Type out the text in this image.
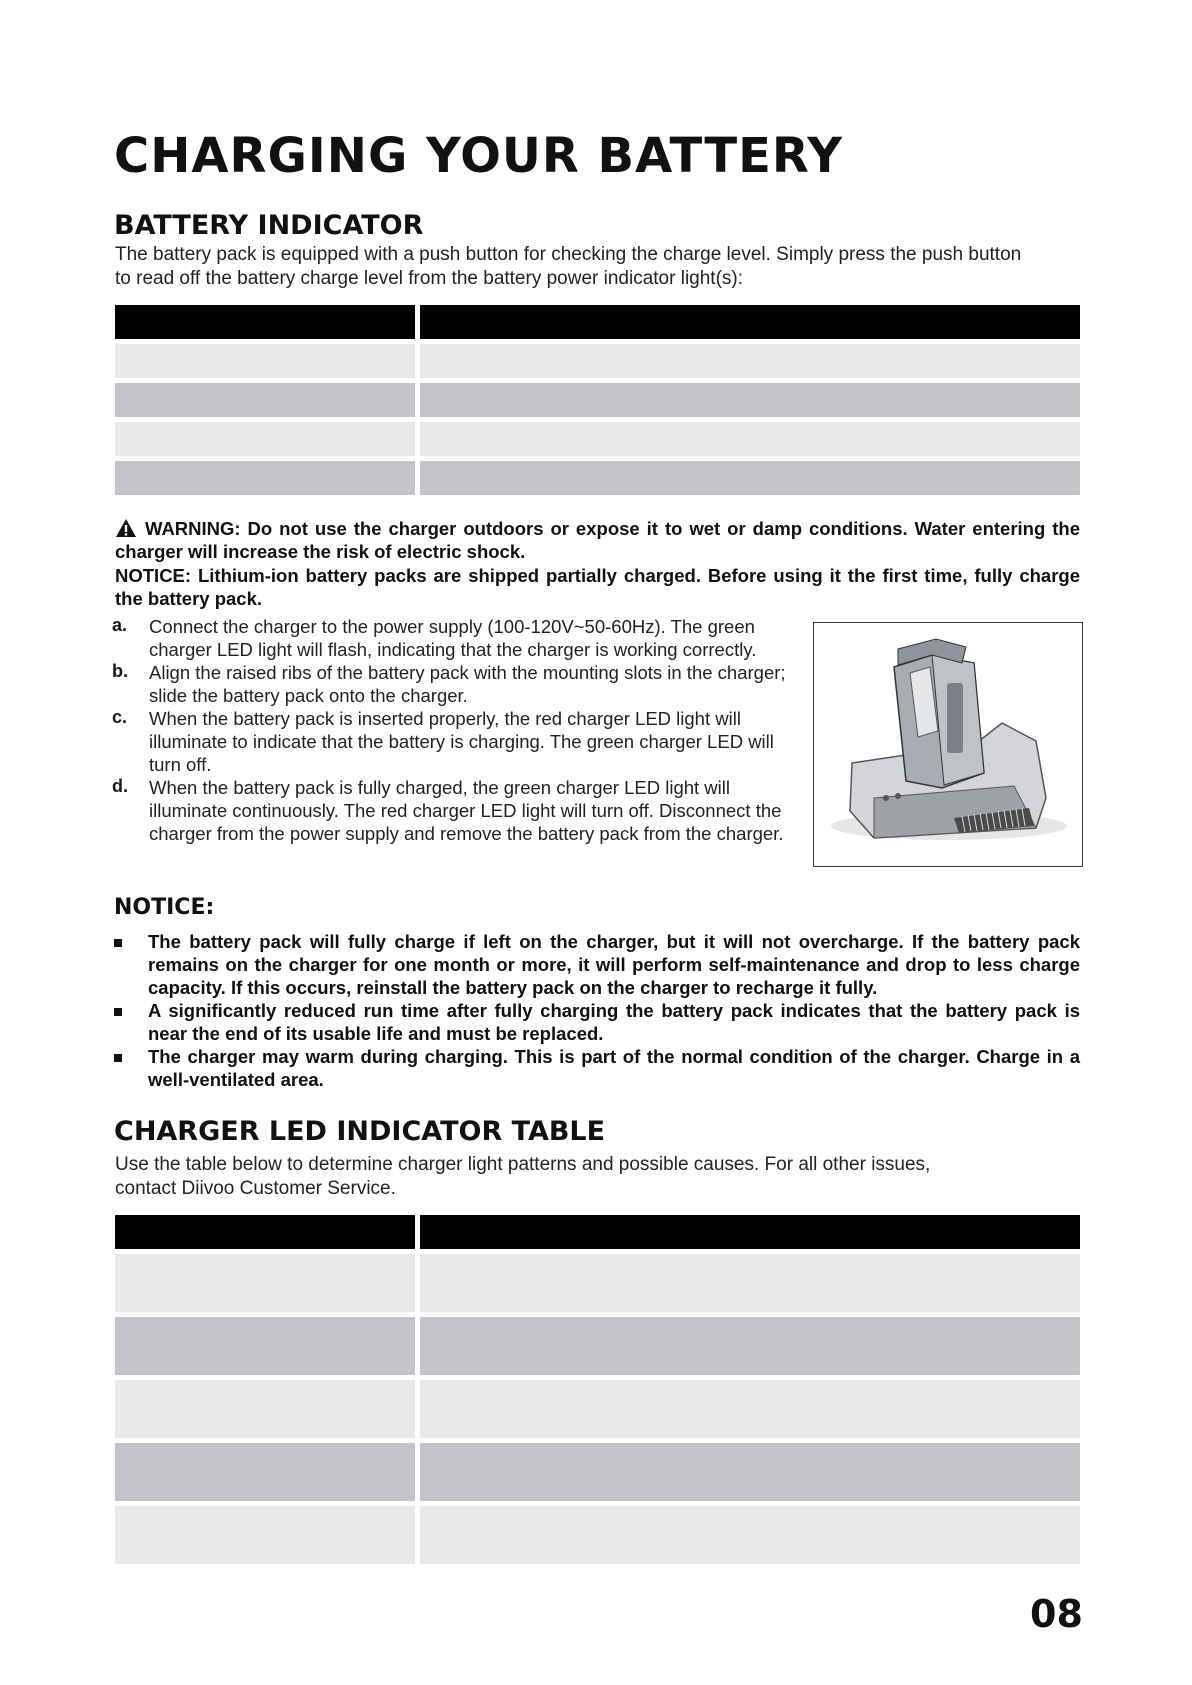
CHARGING YOUR BATTERY
BATTERY INDICATOR

The battery pack is equipped with a push button for checking the charge level. Simply press the push button

to read off the battery charge level from the battery power indicator light(s):

WARNING: Do not use the charger outdoors or expose it to wet or damp conditions. Water entering the charger will increase the risk of electric shock.

NOTICE: Lithium-ion battery packs are shipped partially charged. Before using it the first time, fully charge the battery pack.

a. Connect the charger to the power supply (100-120V~50-60Hz). The green charger LED light will flash, indicating that the charger is working correctly.
b. Align the raised ribs of the battery pack with the mounting slots in the charger; slide the battery pack onto the charger.
c. When the battery pack is inserted properly, the red charger LED light will illuminate to indicate that the battery is charging. The green charger LED will turn off.
d. When the battery pack is fully charged, the green charger LED light will illuminate continuously. The red charger LED light will turn off. Disconnect the charger from the power supply and remove the battery pack from the charger.
NOTICE:
The battery pack will fully charge if left on the charger, but it will not overcharge. If the battery pack remains on the charger for one month or more, it will perform self-maintenance and drop to less charge capacity. If this occurs, reinstall the battery pack on the charger to recharge it fully.
A significantly reduced run time after fully charging the battery pack indicates that the battery pack is near the end of its usable life and must be replaced.
The charger may warm during charging. This is part of the normal condition of the charger. Charge in a well-ventilated area.
CHARGER LED INDICATOR TABLE

Use the table below to determine charger light patterns and possible causes. For all other issues,

contact Diivoo Customer Service.

08
